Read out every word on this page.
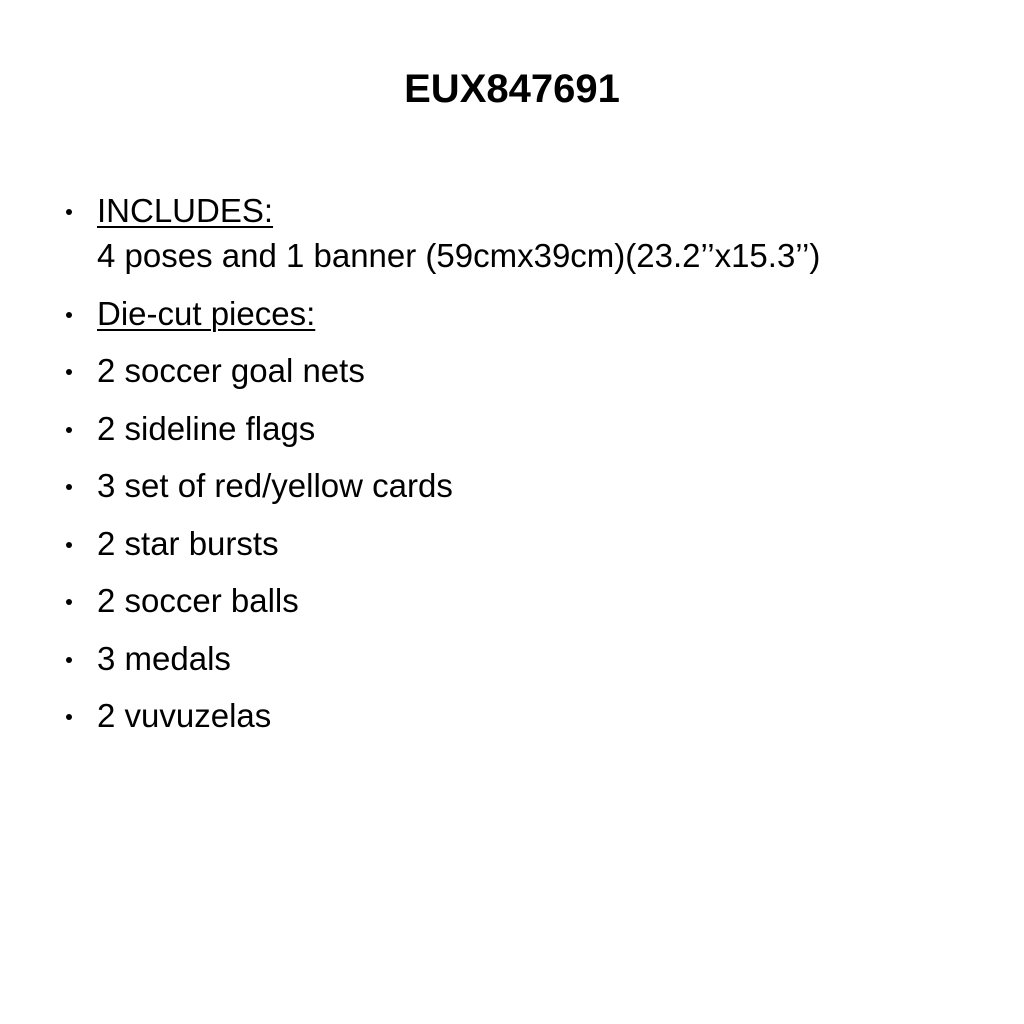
EUX847691
INCLUDES:
4 poses and 1 banner (59cmx39cm)(23.2’’x15.3’’)
Die-cut pieces:
2 soccer goal nets
2 sideline flags
3 set of red/yellow cards
2 star bursts
2 soccer balls
3 medals
2 vuvuzelas
